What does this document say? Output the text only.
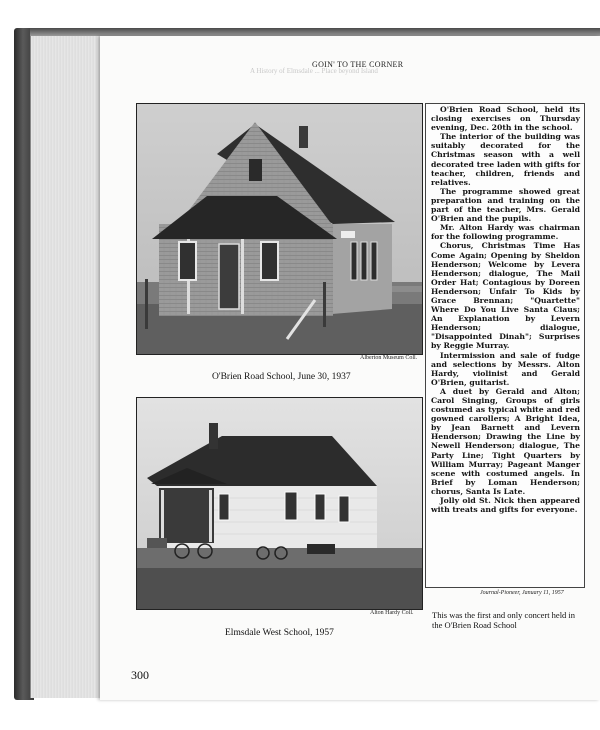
A History of Elmsdale ... Place beyond Island
GOIN' TO THE CORNER
Alberton Museum Coll.
O'Brien Road School, June 30, 1937
Alton Hardy Coll.
Elmsdale West School, 1957

O'Brien Road School, held its closing exercises on Thursday evening, Dec. 20th in the school.

The interior of the building was suitably decorated for the Christmas season with a well decorated tree laden with gifts for teacher, children, friends and relatives.

The programme showed great preparation and training on the part of the teacher, Mrs. Gerald O'Brien and the pupils.

Mr. Alton Hardy was chairman for the following programme.

Chorus, Christmas Time Has Come Again; Opening by Sheldon Henderson; Welcome by Levera Henderson; dialogue, The Mail Order Hat; Contagious by Doreen Henderson; Unfair To Kids by Grace Brennan; "Quartette" Where Do You Live Santa Claus; An Explanation by Levern Henderson; dialogue, "Disappointed Dinah"; Surprises by Reggie Murray.

Intermission and sale of fudge and selections by Messrs. Alton Hardy, violinist and Gerald O'Brien, guitarist.

A duet by Gerald and Alton; Carol Singing, Groups of girls costumed as typical white and red gowned carollers; A Bright Idea, by Jean Barnett and Levern Henderson; Drawing the Line by Newell Henderson; dialogue, The Party Line; Tight Quarters by William Murray; Pageant Manger scene with costumed angels. In Brief by Loman Henderson; chorus, Santa Is Late.

Jolly old St. Nick then appeared with treats and gifts for everyone.

Journal-Pioneer, January 11, 1957
This was the first and only concert held in the O'Brien Road School
300
